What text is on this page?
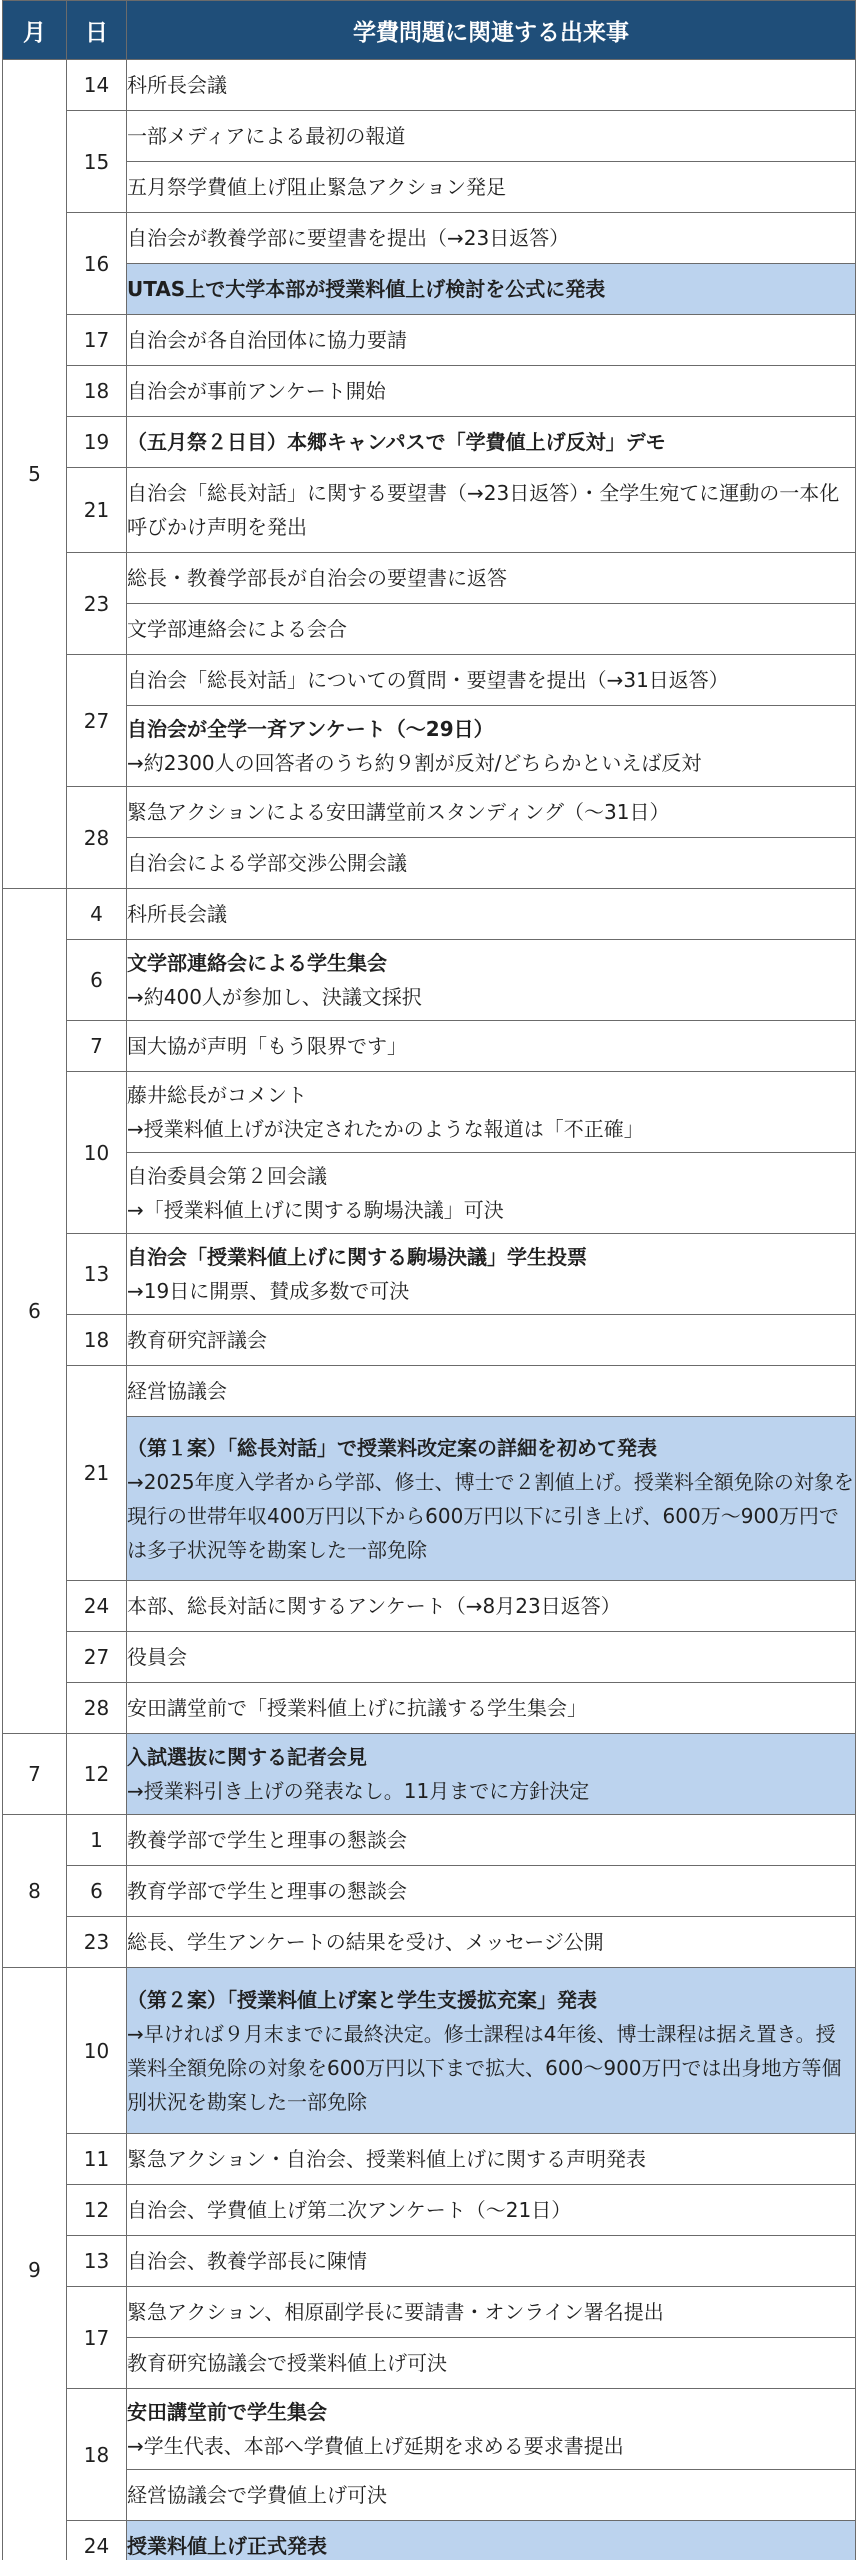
月	日	学費問題に関連する出来事
5	14	科所長会議
	15	一部メディアによる最初の報道
		五月祭学費値上げ阻止緊急アクション発足
	16	自治会が教養学部に要望書を提出（→23日返答）
		UTAS上で大学本部が授業料値上げ検討を公式に発表
	17	自治会が各自治団体に協力要請
	18	自治会が事前アンケート開始
	19	（五月祭２日目）本郷キャンパスで「学費値上げ反対」デモ
	21	自治会「総長対話」に関する要望書（→23日返答）・全学生宛てに運動の一本化呼びかけ声明を発出
	23	総長・教養学部長が自治会の要望書に返答
		文学部連絡会による会合
	27	自治会「総長対話」についての質問・要望書を提出（→31日返答）

		自治会が全学一斉アンケート（～29日）
→約2300人の回答者のうち約９割が反対/どちらかといえば反対

	28	緊急アクションによる安田講堂前スタンディング（～31日）
		自治会による学部交渉公開会議
6	4	科所長会議
	6	文学部連絡会による学生集会
→約400人が参加し、決議文採択

	7	国大協が声明「もう限界です」
	10	藤井総長がコメント
→授業料値上げが決定されたかのような報道は「不正確」

		自治委員会第２回会議
→「授業料値上げに関する駒場決議」可決

	13	自治会「授業料値上げに関する駒場決議」学生投票
→19日に開票、賛成多数で可決

	18	教育研究評議会
	21	経営協議会

		（第１案）「総長対話」で授業料改定案の詳細を初めて発表
→2025年度入学者から学部、修士、博士で２割値上げ。授業料全額免除の対象を現行の世帯年収400万円以下から600万円以下に引き上げ、600万～900万円では多子状況等を勘案した一部免除

	24	本部、総長対話に関するアンケート（→8月23日返答）
	27	役員会
	28	安田講堂前で「授業料値上げに抗議する学生集会」
7	12	入試選抜に関する記者会見
→授業料引き上げの発表なし。11月までに方針決定

8	1	教養学部で学生と理事の懇談会
	6	教育学部で学生と理事の懇談会
	23	総長、学生アンケートの結果を受け、メッセージ公開
9	10	（第２案）「授業料値上げ案と学生支援拡充案」発表
→早ければ９月末までに最終決定。修士課程は4年後、博士課程は据え置き。授業料全額免除の対象を600万円以下まで拡大、600～900万円では出身地方等個別状況を勘案した一部免除

	11	緊急アクション・自治会、授業料値上げに関する声明発表
	12	自治会、学費値上げ第二次アンケート（～21日）
	13	自治会、教養学部長に陳情
	17	緊急アクション、相原副学長に要請書・オンライン署名提出
		教育研究協議会で授業料値上げ可決
	18	安田講堂前で学生集会
→学生代表、本部へ学費値上げ延期を求める要求書提出

		経営協議会で学費値上げ可決
	24	授業料値上げ正式発表
